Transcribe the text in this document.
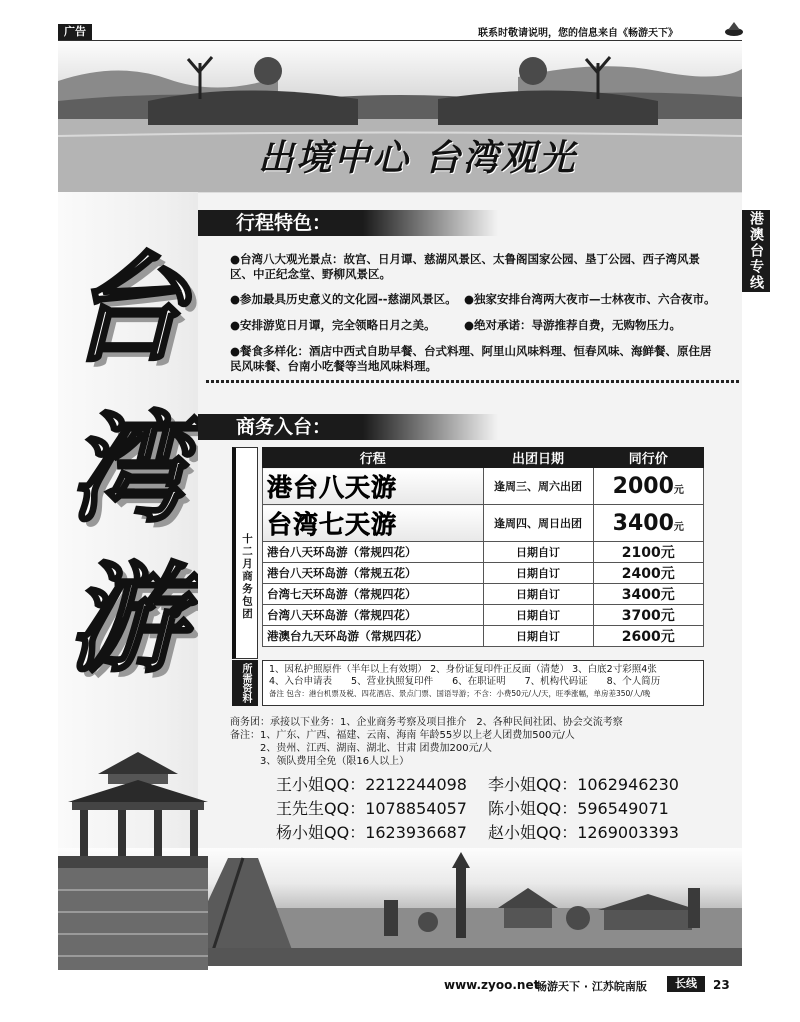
广告	联系时敬请说明，您的信息来自《畅游天下》
出境中心 台湾观光
台
湾
游
行程特色：
●台湾八大观光景点：故宫、日月谭、慈湖风景区、太鲁阁国家公园、垦丁公园、西子湾风景区、中正纪念堂、野柳风景区。
●参加最具历史意义的文化园--慈湖风景区。 ●独家安排台湾两大夜市—士林夜市、六合夜市。
●安排游览日月谭，完全领略日月之美。	●绝对承诺：导游推荐自费，无购物压力。
●餐食多样化：酒店中西式自助早餐、台式料理、阿里山风味料理、恒春风味、海鲜餐、原住居民风味餐、台南小吃餐等当地风味料理。
港澳台专线
商务入台：
十二月商务包团
行程	出团日期	同行价
港台八天游	逢周三、周六出团	2000元
台湾七天游	逢周四、周日出团	3400元
港台八天环岛游（常规四花）	日期自订	2100元
港台八天环岛游（常规五花）	日期自订	2400元
台湾七天环岛游（常规四花）	日期自订	3400元
台湾八天环岛游（常规四花）	日期自订	3700元
港澳台九天环岛游（常规四花）	日期自订	2600元
所需资料	1、因私护照原件（半年以上有效期） 2、身份证复印件正反面（清楚） 3、白底2寸彩照4张
4、入台申请表　　5、营业执照复印件　　6、在职证明　　7、机构代码证　　8、个人简历
备注 包含：港台机票及税、四花酒店、景点门票、国语导游；不含：小费50元/人/天，旺季涨幅，单房差350/人/晚
商务团：承接以下业务：1、企业商务考察及项目推介　2、各种民间社团、协会交流考察
备注：1、广东、广西、福建、云南、海南 年龄55岁以上老人团费加500元/人
2、贵州、江西、湖南、湖北、甘肃 团费加200元/人
3、领队费用全免（限16人以上）
王小姐QQ：2212244098 李小姐QQ：1062946230
王先生QQ：1078854057 陈小姐QQ：596549071
杨小姐QQ：1623936687 赵小姐QQ：1269003393
www.zyoo.net
畅游天下 · 江苏皖南版	长线	23
